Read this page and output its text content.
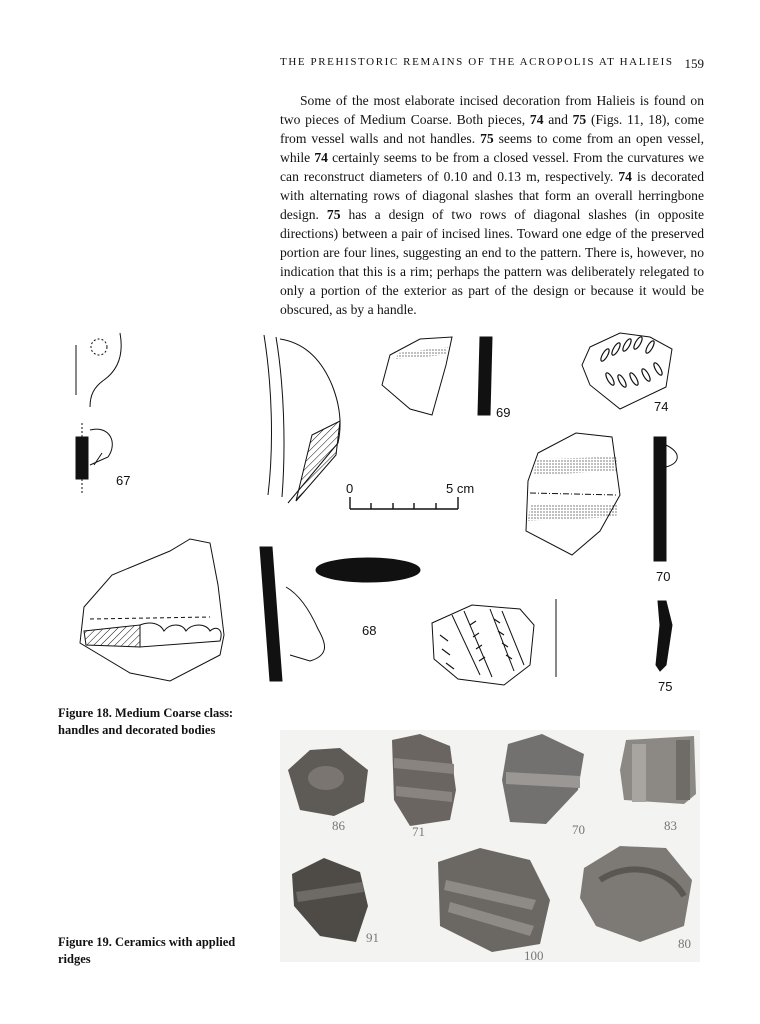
THE PREHISTORIC REMAINS OF THE ACROPOLIS AT HALIEIS 159

Some of the most elaborate incised decoration from Halieis is found on two pieces of Medium Coarse. Both pieces, 74 and 75 (Figs. 11, 18), come from vessel walls and not handles. 75 seems to come from an open vessel, while 74 certainly seems to be from a closed vessel. From the curvatures we can reconstruct diameters of 0.10 and 0.13 m, respectively. 74 is decorated with alternating rows of diagonal slashes that form an overall herringbone design. 75 has a design of two rows of diagonal slashes (in opposite directions) between a pair of incised lines. Toward one edge of the preserved portion are four lines, suggesting an end to the pattern. There is, however, no indication that this is a rim; perhaps the pattern was deliberately relegated to only a portion of the exterior as part of the design or because it would be obscured, as by a handle.

67
0	5 cm
69	74
70
68
75
Figure 18. Medium Coarse class:
handles and decorated bodies
86	71	70	83
91
100
80
Figure 19. Ceramics with applied
ridges
